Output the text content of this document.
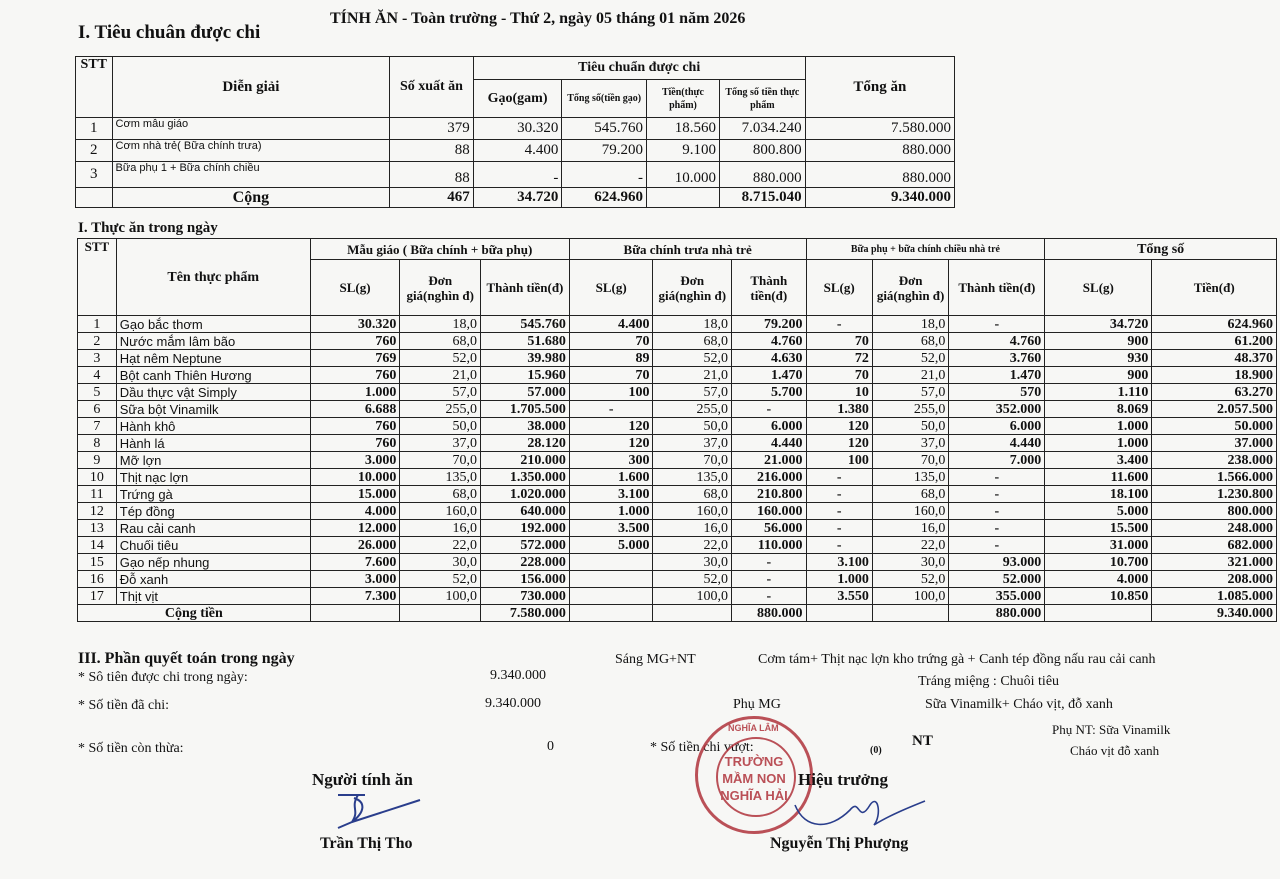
TÍNH ĂN - Toàn trường - Thứ 2, ngày 05 tháng 01 năm 2026
I. Tiêu chuân được chi
STT	Diễn giải	Số xuất ăn	Tiêu chuẩn được chi				Tổng ăn
			Gạo(gam)	Tổng số(tiền gạo)	Tiền(thực phẩm)	Tổng số tiền thực phẩm	
1	Cơm mẫu giáo	379	30.320	545.760	18.560	7.034.240	7.580.000
2	Cơm nhà trẻ( Bữa chính trưa)	88	4.400	79.200	9.100	800.800	880.000
3	Bữa phụ 1 + Bữa chính chiều	88	-	-	10.000	880.000	880.000
	Cộng	467	34.720	624.960		8.715.040	9.340.000
I. Thực ăn trong ngày
STT	Tên thực phẩm	Mẫu giáo ( Bữa chính + bữa phụ)			Bữa chính trưa nhà trẻ			Bữa phụ + bữa chính chiều nhà trẻ			Tổng số	
		SL(g)	Đơn giá(nghìn đ)	Thành tiền(đ)	SL(g)	Đơn giá(nghìn đ)	Thành tiền(đ)	SL(g)	Đơn giá(nghìn đ)	Thành tiền(đ)	SL(g)	Tiền(đ)
1	Gạo bắc thơm	30.320	18,0	545.760	4.400	18,0	79.200	-	18,0	-	34.720	624.960
2	Nước mắm lâm bão	760	68,0	51.680	70	68,0	4.760	70	68,0	4.760	900	61.200
3	Hạt nêm Neptune	769	52,0	39.980	89	52,0	4.630	72	52,0	3.760	930	48.370
4	Bột canh Thiên Hương	760	21,0	15.960	70	21,0	1.470	70	21,0	1.470	900	18.900
5	Dầu thực vật Simply	1.000	57,0	57.000	100	57,0	5.700	10	57,0	570	1.110	63.270
6	Sữa bột Vinamilk	6.688	255,0	1.705.500	-	255,0	-	1.380	255,0	352.000	8.069	2.057.500
7	Hành khô	760	50,0	38.000	120	50,0	6.000	120	50,0	6.000	1.000	50.000
8	Hành lá	760	37,0	28.120	120	37,0	4.440	120	37,0	4.440	1.000	37.000
9	Mỡ lợn	3.000	70,0	210.000	300	70,0	21.000	100	70,0	7.000	3.400	238.000
10	Thịt nạc lợn	10.000	135,0	1.350.000	1.600	135,0	216.000	-	135,0	-	11.600	1.566.000
11	Trứng gà	15.000	68,0	1.020.000	3.100	68,0	210.800	-	68,0	-	18.100	1.230.800
12	Tép đồng	4.000	160,0	640.000	1.000	160,0	160.000	-	160,0	-	5.000	800.000
13	Rau cải canh	12.000	16,0	192.000	3.500	16,0	56.000	-	16,0	-	15.500	248.000
14	Chuối tiêu	26.000	22,0	572.000	5.000	22,0	110.000	-	22,0	-	31.000	682.000
15	Gạo nếp nhung	7.600	30,0	228.000		30,0	-	3.100	30,0	93.000	10.700	321.000
16	Đỗ xanh	3.000	52,0	156.000		52,0	-	1.000	52,0	52.000	4.000	208.000
17	Thịt vịt	7.300	100,0	730.000		100,0	-	3.550	100,0	355.000	10.850	1.085.000
Cộng tiền				7.580.000			880.000			880.000		9.340.000
III. Phần quyết toán trong ngày
* Sô tiên được chi trong ngày:	9.340.000
* Số tiền đã chi:	9.340.000
* Số tiền còn thừa:	0	* Số tiền chi vượt:	(0)
Sáng MG+NT	Cơm tám+ Thịt nạc lợn kho trứng gà + Canh tép đồng nấu rau cải canh
Tráng miệng : Chuôi tiêu
Phụ MG	Sữa Vinamilk+ Cháo vịt, đỗ xanh
NT
Phụ NT: Sữa Vinamilk
Cháo vịt đỗ xanh
NGHĨA LÂM
TRƯỜNG
MẦM NON
NGHĨA HẢI
Người tính ăn
Trần Thị Tho
Hiệu trưởng
Nguyễn Thị Phượng
